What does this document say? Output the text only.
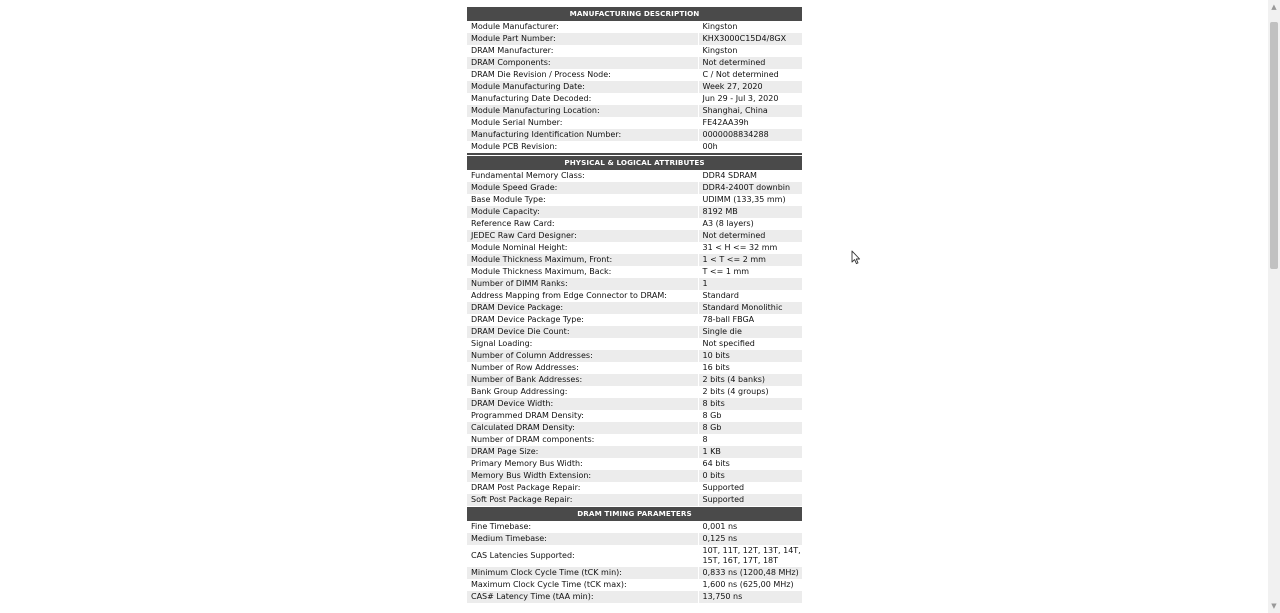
MANUFACTURING DESCRIPTION
Module Manufacturer:	Kingston
Module Part Number:	KHX3000C15D4/8GX
DRAM Manufacturer:	Kingston
DRAM Components:	Not determined
DRAM Die Revision / Process Node:	C / Not determined
Module Manufacturing Date:	Week 27, 2020
Manufacturing Date Decoded:	Jun 29 - Jul 3, 2020
Module Manufacturing Location:	Shanghai, China
Module Serial Number:	FE42AA39h
Manufacturing Identification Number:	0000008834288
Module PCB Revision:	00h
PHYSICAL & LOGICAL ATTRIBUTES
Fundamental Memory Class:	DDR4 SDRAM
Module Speed Grade:	DDR4-2400T downbin
Base Module Type:	UDIMM (133,35 mm)
Module Capacity:	8192 MB
Reference Raw Card:	A3 (8 layers)
JEDEC Raw Card Designer:	Not determined
Module Nominal Height:	31 < H <= 32 mm
Module Thickness Maximum, Front:	1 < T <= 2 mm
Module Thickness Maximum, Back:	T <= 1 mm
Number of DIMM Ranks:	1
Address Mapping from Edge Connector to DRAM:	Standard
DRAM Device Package:	Standard Monolithic
DRAM Device Package Type:	78-ball FBGA
DRAM Device Die Count:	Single die
Signal Loading:	Not specified
Number of Column Addresses:	10 bits
Number of Row Addresses:	16 bits
Number of Bank Addresses:	2 bits (4 banks)
Bank Group Addressing:	2 bits (4 groups)
DRAM Device Width:	8 bits
Programmed DRAM Density:	8 Gb
Calculated DRAM Density:	8 Gb
Number of DRAM components:	8
DRAM Page Size:	1 KB
Primary Memory Bus Width:	64 bits
Memory Bus Width Extension:	0 bits
DRAM Post Package Repair:	Supported
Soft Post Package Repair:	Supported
DRAM TIMING PARAMETERS
Fine Timebase:	0,001 ns
Medium Timebase:	0,125 ns
CAS Latencies Supported:	10T, 11T, 12T, 13T, 14T, 15T, 16T, 17T, 18T
Minimum Clock Cycle Time (tCK min):	0,833 ns (1200,48 MHz)
Maximum Clock Cycle Time (tCK max):	1,600 ns (625,00 MHz)
CAS# Latency Time (tAA min):	13,750 ns
▲
▼
